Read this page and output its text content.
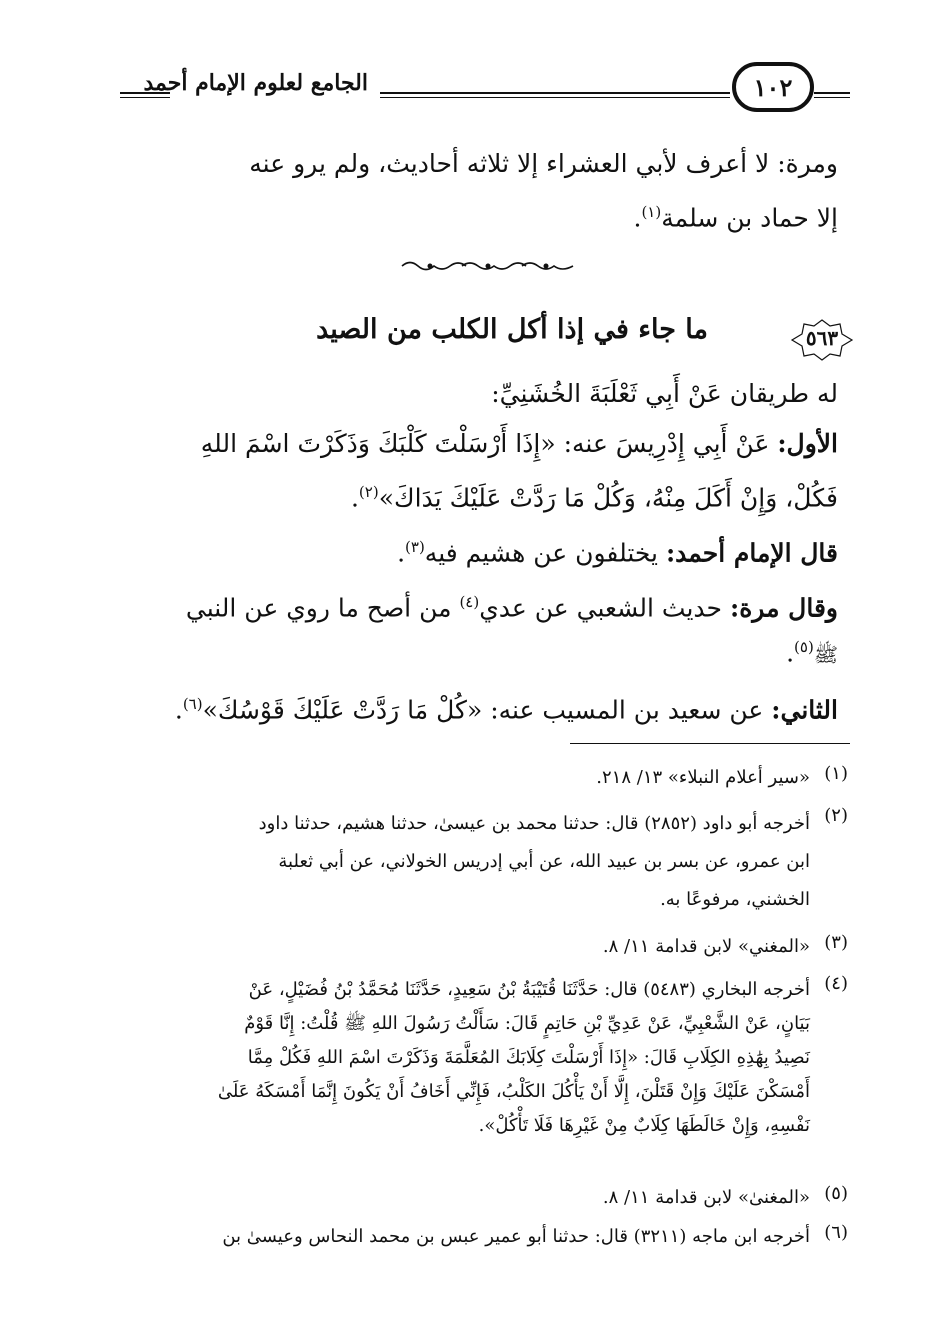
الجامع لعلوم الإمام أحمد	١٠٢
ومرة: لا أعرف لأبي العشراء إلا ثلاثه أحاديث، ولم يرو عنه
إلا حماد بن سلمة$^{(١)}$.
٥٦٣
ما جاء في إذا أكل الكلب من الصيد
له طريقان عَنْ أَبِي ثَعْلَبَةَ الخُشَنِيِّ:
الأول: عَنْ أَبِي إِدْرِيسَ عنه: «إِذَا أَرْسَلْتَ كَلْبَكَ وَذَكَرْتَ اسْمَ اللهِ
فَكُلْ، وَإِنْ أَكَلَ مِنْهُ، وَكُلْ مَا رَدَّتْ عَلَيْكَ يَدَاكَ»$^{(٢)}$.
قال الإمام أحمد: يختلفون عن هشيم فيه$^{(٣)}$.
وقال مرة: حديث الشعبي عن عدي$^{(٤)}$ من أصح ما روي عن النبي
ﷺ$^{(٥)}$.
الثاني: عن سعيد بن المسيب عنه: «كُلْ مَا رَدَّتْ عَلَيْكَ قَوْسُكَ»$^{(٦)}$.
(١)
«سير أعلام النبلاء» ١٣/ ٢١٨.
(٢)
أخرجه أبو داود (٢٨٥٢) قال: حدثنا محمد بن عيسىٰ، حدثنا هشيم، حدثنا داود
ابن عمرو، عن بسر بن عبيد الله، عن أبي إدريس الخولاني، عن أبي ثعلبة
الخشني، مرفوعًا به.
(٣)
«المغني» لابن قدامة ١١/ ٨.
(٤)
أخرجه البخاري (٥٤٨٣) قال: حَدَّثَنَا قُتَيْبَةُ بْنُ سَعِيدٍ، حَدَّثَنَا مُحَمَّدُ بْنُ فُضَيْلٍ، عَنْ
بَيَانٍ، عَنْ الشَّعْبِيِّ، عَنْ عَدِيِّ بْنِ حَاتِمٍ قَالَ: سَأَلْتُ رَسُولَ اللهِ ﷺ قُلْتُ: إِنَّا قَوْمٌ
نَصِيدُ بِهَٰذِهِ الكِلَابِ قَالَ: «إِذَا أَرْسَلْتَ كِلَابَكَ المُعَلَّمَةَ وَذَكَرْتَ اسْمَ اللهِ فَكُلْ مِمَّا
أَمْسَكْنَ عَلَيْكَ وَإِنْ قَتَلْنَ، إِلَّا أَنْ يَأْكُلَ الكَلْبُ، فَإِنِّي أَخَافُ أَنْ يَكُونَ إِنَّمَا أَمْسَكَهُ عَلَىٰ
نَفْسِهِ، وَإِنْ خَالَطَهَا كِلَابٌ مِنْ غَيْرِهَا فَلَا تَأْكُلْ».
(٥)
«المغنىٰ» لابن قدامة ١١/ ٨.
(٦)
أخرجه ابن ماجه (٣٢١١) قال: حدثنا أبو عمير عبس بن محمد النحاس وعيسىٰ بن
